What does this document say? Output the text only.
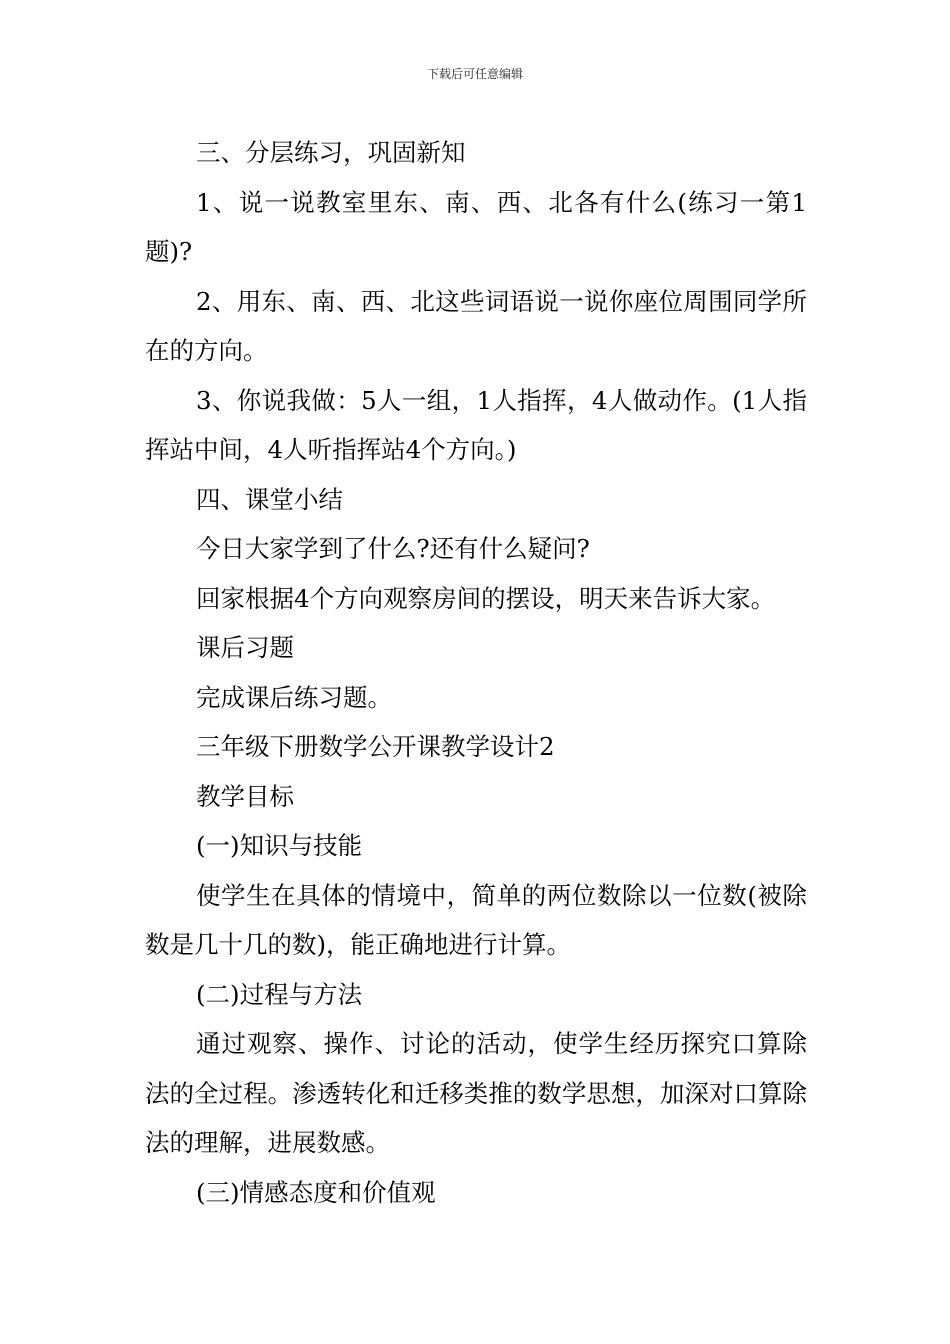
下载后可任意编辑

三、分层练习，巩固新知

1、说一说教室里东、南、西、北各有什么(练习一第1题)?

2、用东、南、西、北这些词语说一说你座位周围同学所在的方向。

3、你说我做：5人一组，1人指挥，4人做动作。(1人指挥站中间，4人听指挥站4个方向。)

四、课堂小结

今日大家学到了什么?还有什么疑问?

回家根据4个方向观察房间的摆设，明天来告诉大家。

课后习题

完成课后练习题。

三年级下册数学公开课教学设计2

教学目标

(一)知识与技能

使学生在具体的情境中，简单的两位数除以一位数(被除数是几十几的数)，能正确地进行计算。

(二)过程与方法

通过观察、操作、讨论的活动，使学生经历探究口算除法的全过程。渗透转化和迁移类推的数学思想，加深对口算除法的理解，进展数感。

(三)情感态度和价值观
